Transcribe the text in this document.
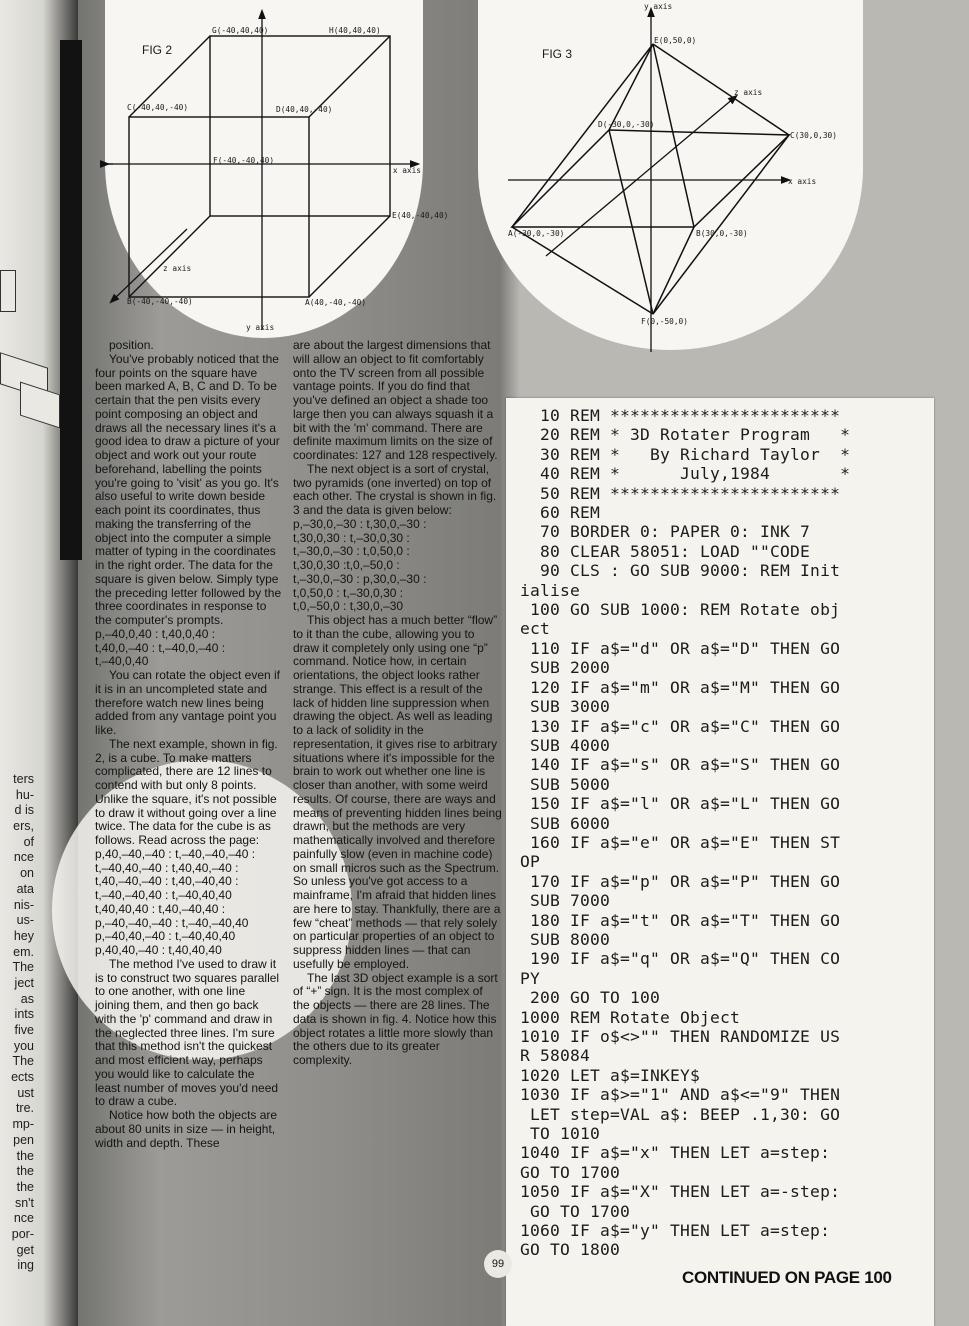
ters
hu-
d is
ers,
of
nce
on
ata
nis-
us-
hey
em.
The
ject
as
ints
five
you
The
ects
ust
tre.
mp-
pen
the
the
the
sn't
nce
por-
get
ing
FIG 2
G(-40,40,40)	H(40,40,40)
C(-40,40,-40)	D(40,40,-40)
F(-40,-40,40)
E(40,-40,40)
B(-40,-40,-40)	A(40,-40,-40)
x axis
y axis
z axis
FIG 3
y axis
E(0,50,0)
z axis
D(-30,0,-30)
C(30,0,30)
x axis
A(-30,0,-30)	B(30,0,-30)
F(0,-50,0)

position.

You've probably noticed that the four points on the square have been marked A, B, C and D. To be certain that the pen visits every point composing an object and draws all the necessary lines it's a good idea to draw a picture of your object and work out your route beforehand, labelling the points you're going to 'visit' as you go. It's also useful to write down beside each point its coordinates, thus making the transferring of the object into the computer a simple matter of typing in the coordinates in the right order. The data for the square is given below. Simply type the preceding letter followed by the three coordinates in response to the computer's prompts.

p,–40,0,40 : t,40,0,40 :

t,40,0,–40 : t,–40,0,–40 :

t,–40,0,40

You can rotate the object even if it is in an uncompleted state and therefore watch new lines being added from any vantage point you like.

The next example, shown in fig. 2, is a cube. To make matters complicated, there are 12 lines to contend with but only 8 points. Unlike the square, it's not possible to draw it without going over a line twice. The data for the cube is as follows. Read across the page:

p,40,–40,–40 : t,–40,–40,–40 :

t,–40,40,–40 : t,40,40,–40 :

t,40,–40,–40 : t,40,–40,40 :

t,–40,–40,40 : t,–40,40,40

t,40,40,40 : t,40,–40,40 :

p,–40,–40,–40 : t,–40,–40,40

p,–40,40,–40 : t,–40,40,40

p,40,40,–40 : t,40,40,40

The method I've used to draw it is to construct two squares parallel to one another, with one line joining them, and then go back with the 'p' command and draw in the neglected three lines. I'm sure that this method isn't the quickest and most efficient way, perhaps you would like to calculate the least number of moves you'd need to draw a cube.

Notice how both the objects are about 80 units in size — in height, width and depth. These

are about the largest dimensions that will allow an object to fit comfortably onto the TV screen from all possible vantage points. If you do find that you've defined an object a shade too large then you can always squash it a bit with the 'm' command. There are definite maximum limits on the size of coordinates: 127 and 128 respectively.

The next object is a sort of crystal, two pyramids (one inverted) on top of each other. The crystal is shown in fig. 3 and the data is given below:

p,–30,0,–30 : t,30,0,–30 :

t,30,0,30 : t,–30,0,30 :

t,–30,0,–30 : t,0,50,0 :

t,30,0,30 :t,0,–50,0 :

t,–30,0,–30 : p,30,0,–30 :

t,0,50,0 : t,–30,0,30 :

t,0,–50,0 : t,30,0,–30

This object has a much better “flow” to it than the cube, allowing you to draw it completely only using one “p” command. Notice how, in certain orientations, the object looks rather strange. This effect is a result of the lack of hidden line suppression when drawing the object. As well as leading to a lack of solidity in the representation, it gives rise to arbitrary situations where it's impossible for the brain to work out whether one line is closer than another, with some weird results. Of course, there are ways and means of preventing hidden lines being drawn, but the methods are very mathematically involved and therefore painfully slow (even in machine code) on small micros such as the Spectrum. So unless you've got access to a mainframe, I'm afraid that hidden lines are here to stay. Thankfully, there are a few “cheat” methods — that rely solely on particular properties of an object to suppress hidden lines — that can usefully be employed.

The last 3D object example is a sort of “+” sign. It is the most complex of the objects — there are 28 lines. The data is shown in fig. 4. Notice how this object rotates a little more slowly than the others due to its greater complexity.

10 REM ***********************
20 REM * 3D Rotater Program   *
30 REM *   By Richard Taylor  *
40 REM *      July,1984       *
50 REM ***********************
60 REM
70 BORDER 0: PAPER 0: INK 7
80 CLEAR 58051: LOAD ""CODE
90 CLS : GO SUB 9000: REM Init
ialise
100 GO SUB 1000: REM Rotate obj
ect
110 IF a$="d" OR a$="D" THEN GO
SUB 2000
120 IF a$="m" OR a$="M" THEN GO
SUB 3000
130 IF a$="c" OR a$="C" THEN GO
SUB 4000
140 IF a$="s" OR a$="S" THEN GO
SUB 5000
150 IF a$="l" OR a$="L" THEN GO
SUB 6000
160 IF a$="e" OR a$="E" THEN ST
OP
170 IF a$="p" OR a$="P" THEN GO
SUB 7000
180 IF a$="t" OR a$="T" THEN GO
SUB 8000
190 IF a$="q" OR a$="Q" THEN CO
PY
200 GO TO 100
1000 REM Rotate Object
1010 IF o$<>"" THEN RANDOMIZE US
R 58084
1020 LET a$=INKEY$
1030 IF a$>="1" AND a$<="9" THEN
LET step=VAL a$: BEEP .1,30: GO
TO 1010
1040 IF a$="x" THEN LET a=step:
GO TO 1700
1050 IF a$="X" THEN LET a=-step:
GO TO 1700
1060 IF a$="y" THEN LET a=step:
GO TO 1800
99
CONTINUED ON PAGE 100
